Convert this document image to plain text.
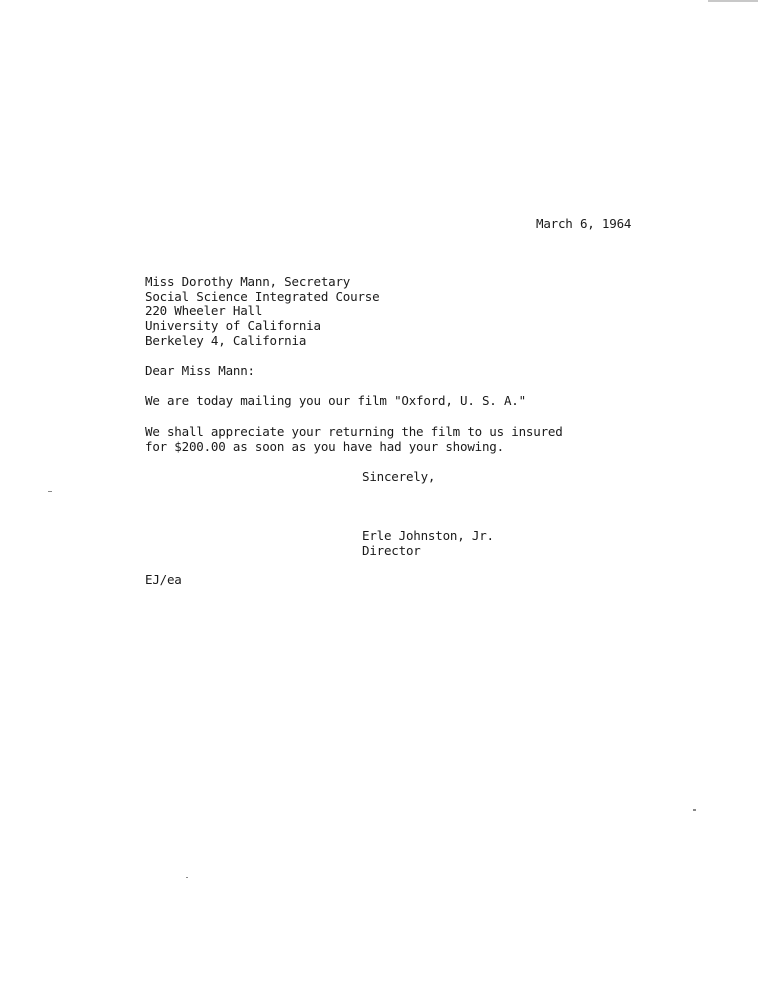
March 6, 1964
Miss Dorothy Mann, Secretary
Social Science Integrated Course
220 Wheeler Hall
University of California
Berkeley 4, California
Dear Miss Mann:
We are today mailing you our film "Oxford, U. S. A."
We shall appreciate your returning the film to us insured
for $200.00 as soon as you have had your showing.
Sincerely,
Erle Johnston, Jr.
Director
EJ/ea
